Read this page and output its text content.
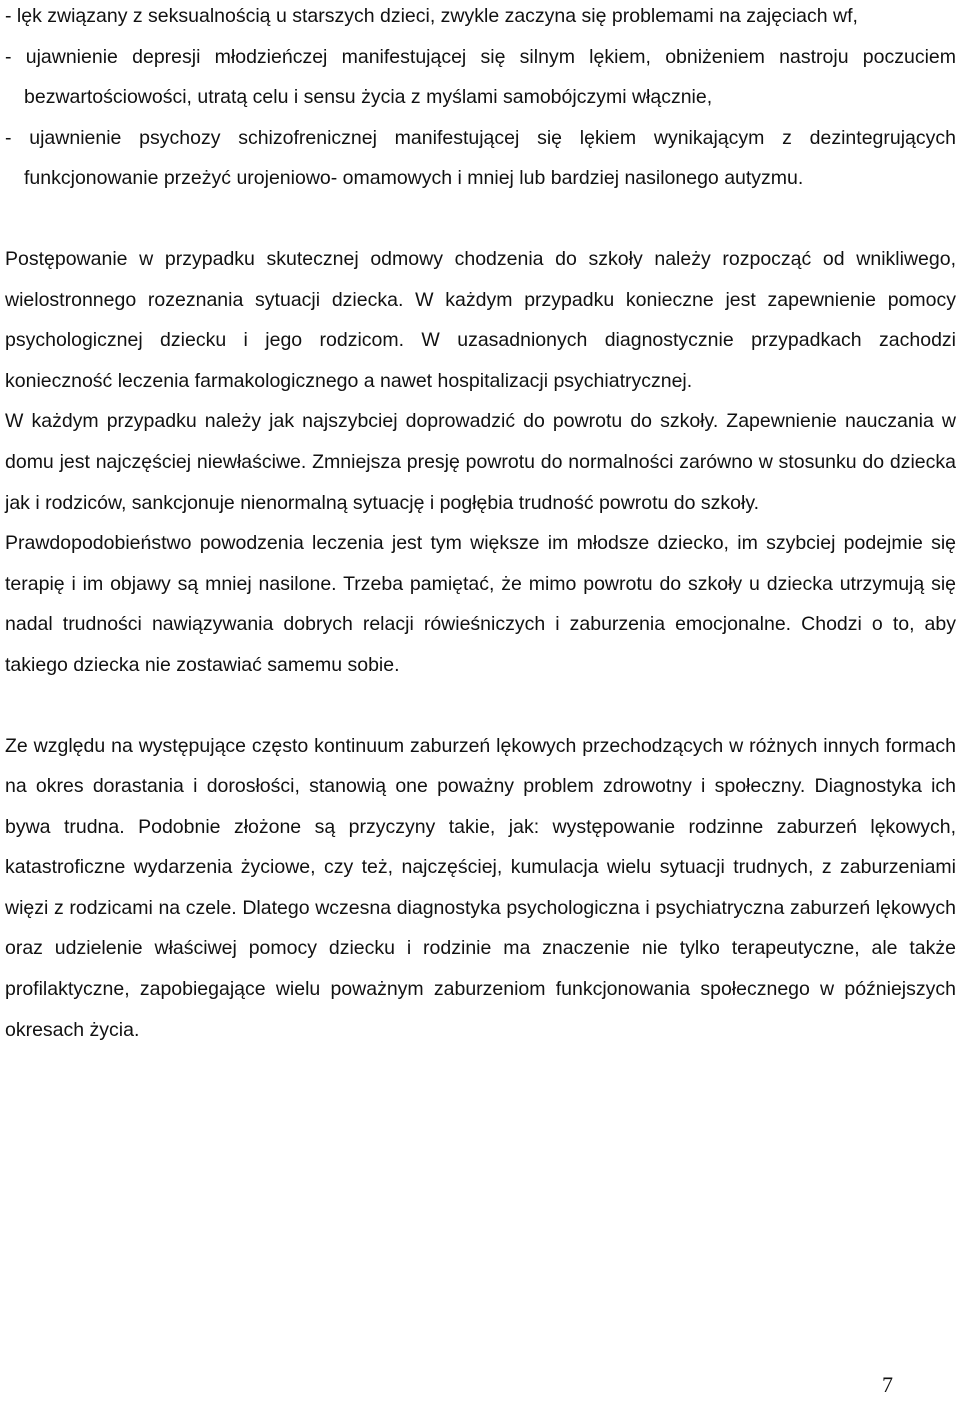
- lęk związany z seksualnością u starszych dzieci, zwykle zaczyna się problemami na zajęciach wf,

- ujawnienie depresji młodzieńczej manifestującej się silnym lękiem, obniżeniem nastroju poczuciem bezwartościowości, utratą celu i sensu życia z myślami samobójczymi włącznie,

- ujawnienie psychozy schizofrenicznej manifestującej się lękiem wynikającym z dezintegrujących funkcjonowanie przeżyć urojeniowo- omamowych i mniej lub bardziej nasilonego autyzmu.

Postępowanie w przypadku skutecznej odmowy chodzenia do szkoły należy rozpocząć od wnikliwego, wielostronnego rozeznania sytuacji dziecka. W każdym przypadku konieczne jest zapewnienie pomocy psychologicznej dziecku i jego rodzicom. W uzasadnionych diagnostycznie przypadkach zachodzi konieczność leczenia farmakologicznego a nawet hospitalizacji psychiatrycznej.

W każdym przypadku należy jak najszybciej doprowadzić do powrotu do szkoły. Zapewnienie nauczania w domu jest najczęściej niewłaściwe. Zmniejsza presję powrotu do normalności zarówno w stosunku do dziecka jak i rodziców, sankcjonuje nienormalną sytuację i pogłębia trudność powrotu do szkoły.

Prawdopodobieństwo powodzenia leczenia jest tym większe im młodsze dziecko, im szybciej podejmie się terapię i im objawy są mniej nasilone. Trzeba pamiętać, że mimo powrotu do szkoły u dziecka utrzymują się nadal trudności nawiązywania dobrych relacji rówieśniczych i zaburzenia emocjonalne. Chodzi o to, aby takiego dziecka nie zostawiać samemu sobie.

Ze względu na występujące często kontinuum zaburzeń lękowych przechodzących w różnych innych formach na okres dorastania i dorosłości, stanowią one poważny problem zdrowotny i społeczny. Diagnostyka ich bywa trudna. Podobnie złożone są przyczyny takie, jak: występowanie rodzinne zaburzeń lękowych, katastroficzne wydarzenia życiowe, czy też, najczęściej, kumulacja wielu sytuacji trudnych, z zaburzeniami więzi z rodzicami na czele. Dlatego wczesna diagnostyka psychologiczna i psychiatryczna zaburzeń lękowych oraz udzielenie właściwej pomocy dziecku i rodzinie ma znaczenie nie tylko terapeutyczne, ale także profilaktyczne, zapobiegające wielu poważnym zaburzeniom funkcjonowania społecznego w późniejszych okresach życia.

7
